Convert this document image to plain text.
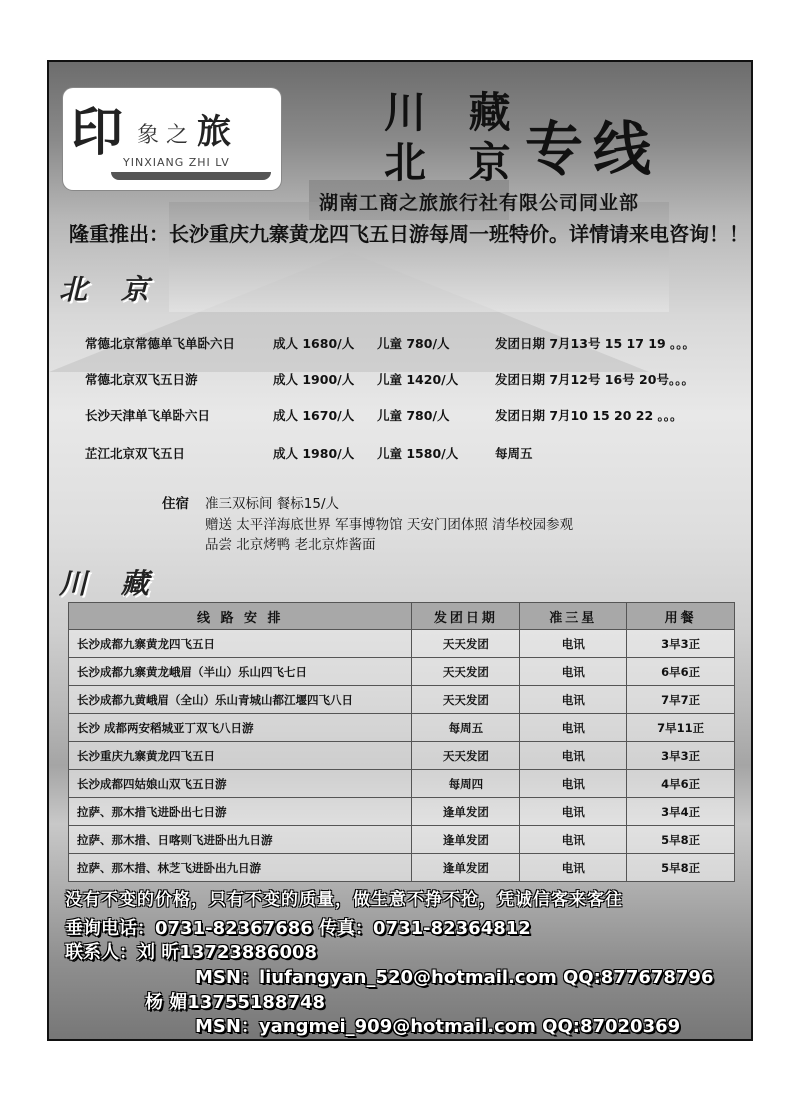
印 象 之 旅
YINXIANG ZHI LV
川 藏
北 京 专线
湖南工商之旅旅行社有限公司同业部
隆重推出：长沙重庆九寨黄龙四飞五日游每周一班特价。详情请来电咨询！！
北 京
常德北京常德单飞单卧六日	成人 1680/人 儿童 780/人	发团日期 7月13号 15 17 19 。。。
常德北京双飞五日游	成人 1900/人 儿童 1420/人	发团日期 7月12号 16号 20号。。。
长沙天津单飞单卧六日	成人 1670/人 儿童 780/人	发团日期 7月10 15 20 22 。。。
芷江北京双飞五日	成人 1980/人 儿童 1580/人	每周五
住宿 准三双标间 餐标15/人
赠送 太平洋海底世界 军事博物馆 天安门团体照 清华校园参观
品尝 北京烤鸭 老北京炸酱面
川 藏
线 路 安 排	发团日期	准三星	用餐
长沙成都九寨黄龙四飞五日	天天发团	电讯	3早3正
长沙成都九寨黄龙峨眉（半山）乐山四飞七日	天天发团	电讯	6早6正
长沙成都九黄峨眉（全山）乐山青城山都江堰四飞八日	天天发团	电讯	7早7正
长沙 成都两安稻城亚丁双飞八日游	每周五	电讯	7早11正
长沙重庆九寨黄龙四飞五日	天天发团	电讯	3早3正
长沙成都四姑娘山双飞五日游	每周四	电讯	4早6正
拉萨、那木措飞进卧出七日游	逢单发团	电讯	3早4正
拉萨、那木措、日喀则飞进卧出九日游	逢单发团	电讯	5早8正
拉萨、那木措、林芝飞进卧出九日游	逢单发团	电讯	5早8正
没有不变的价格，只有不变的质量，做生意不挣不抢，凭诚信客来客往
垂询电话：0731-82367686 传真：0731-82364812
联系人：刘 昕13723886008
MSN：liufangyan_520@hotmail.com QQ:877678796
杨 媚13755188748
MSN：yangmei_909@hotmail.com QQ:87020369
